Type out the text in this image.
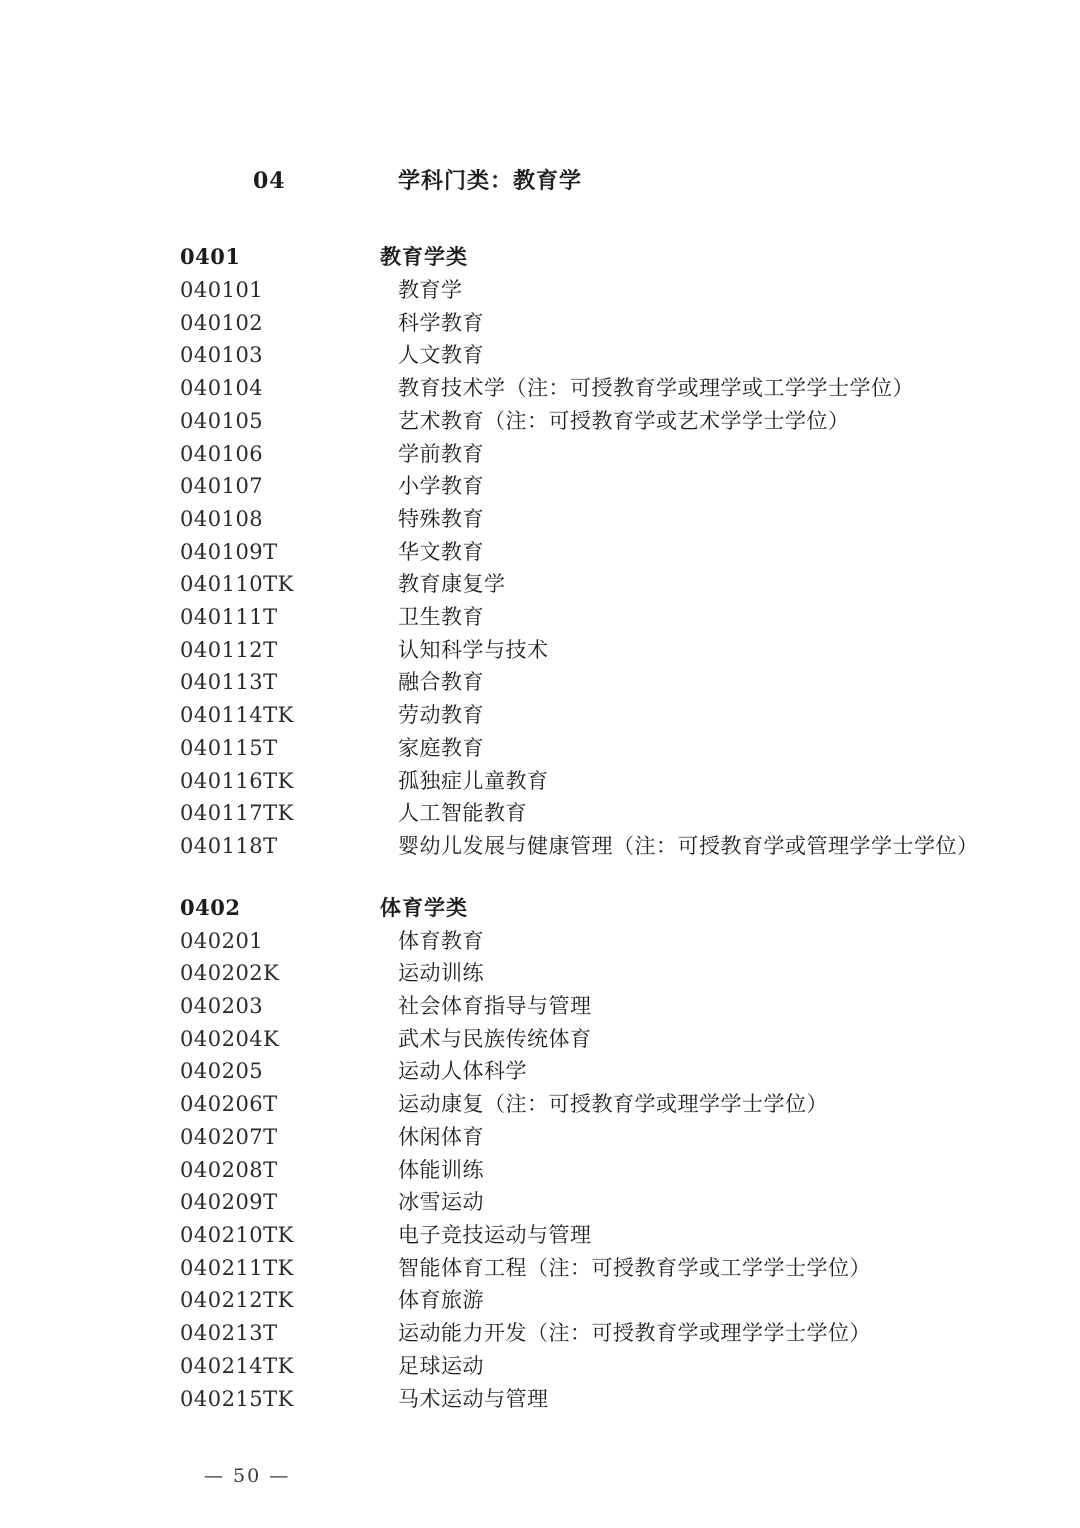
04	学科门类：教育学
0401	教育学类
040101	教育学
040102	科学教育
040103	人文教育
040104	教育技术学（注：可授教育学或理学或工学学士学位）
040105	艺术教育（注：可授教育学或艺术学学士学位）
040106	学前教育
040107	小学教育
040108	特殊教育
040109T	华文教育
040110TK	教育康复学
040111T	卫生教育
040112T	认知科学与技术
040113T	融合教育
040114TK	劳动教育
040115T	家庭教育
040116TK	孤独症儿童教育
040117TK	人工智能教育
040118T	婴幼儿发展与健康管理（注：可授教育学或管理学学士学位）
0402	体育学类
040201	体育教育
040202K	运动训练
040203	社会体育指导与管理
040204K	武术与民族传统体育
040205	运动人体科学
040206T	运动康复（注：可授教育学或理学学士学位）
040207T	休闲体育
040208T	体能训练
040209T	冰雪运动
040210TK	电子竞技运动与管理
040211TK	智能体育工程（注：可授教育学或工学学士学位）
040212TK	体育旅游
040213T	运动能力开发（注：可授教育学或理学学士学位）
040214TK	足球运动
040215TK	马术运动与管理
— 50 —
